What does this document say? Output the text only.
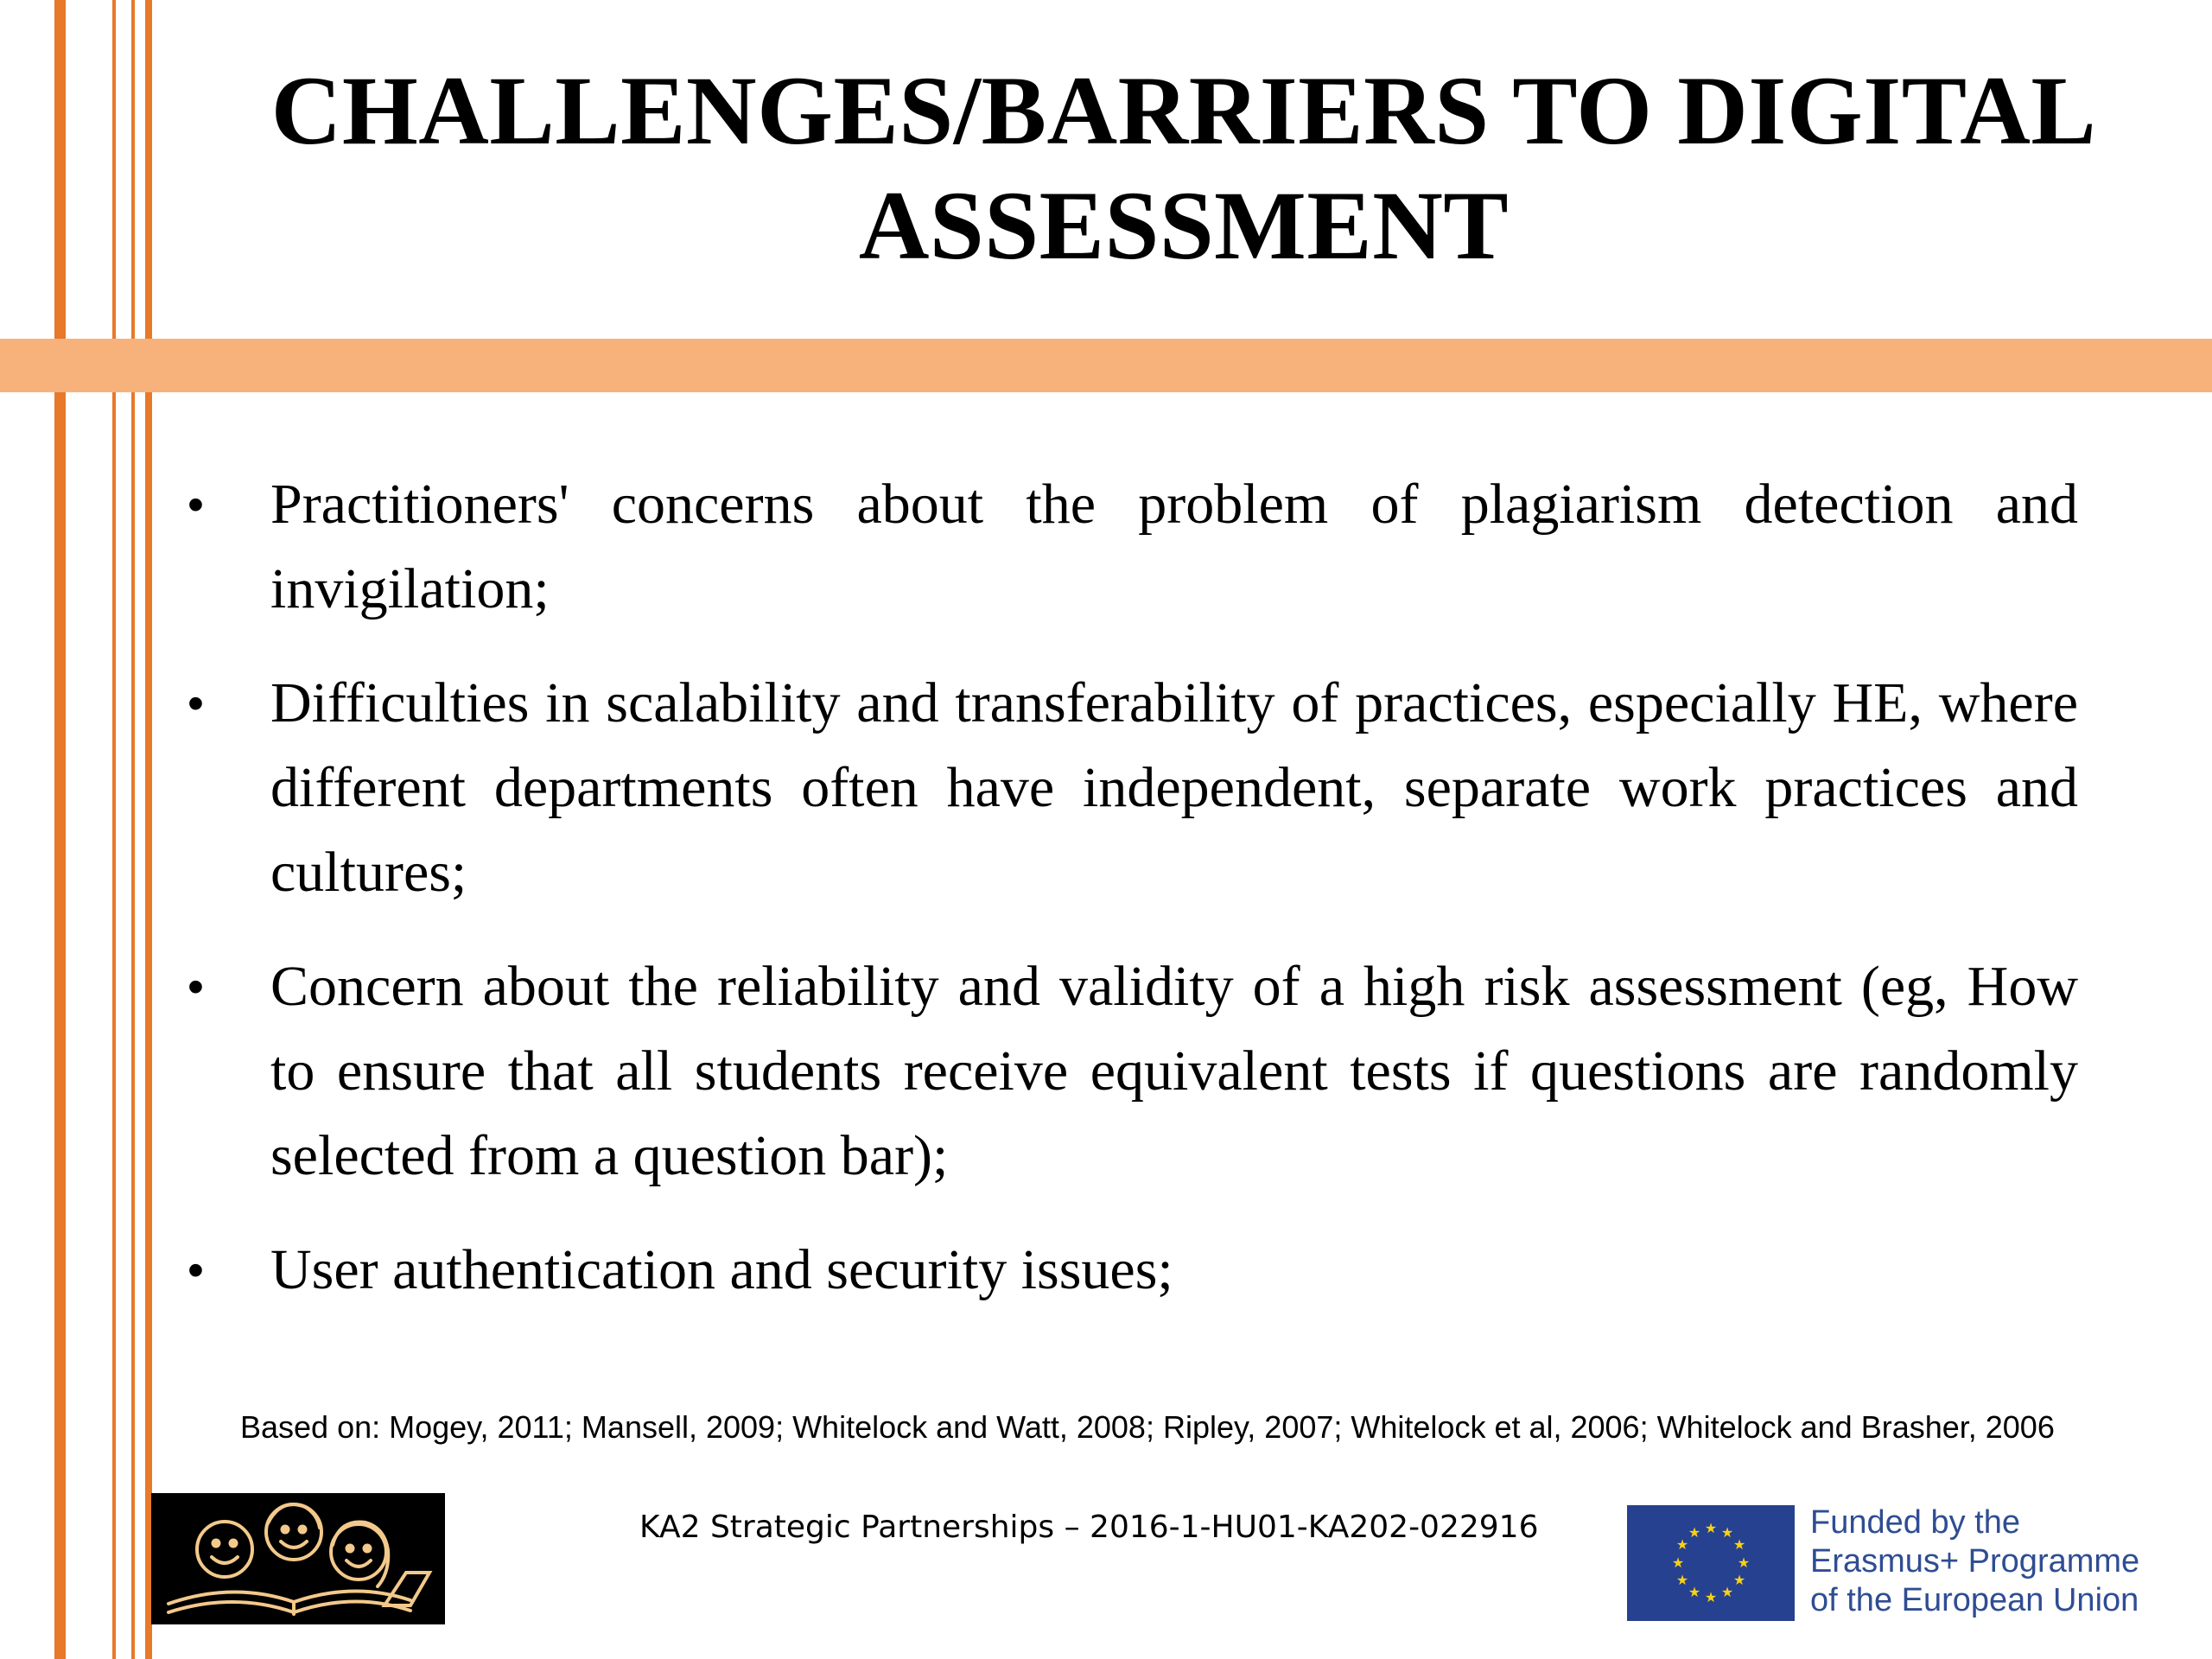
CHALLENGES/BARRIERS TO DIGITAL
ASSESSMENT
• Practitioners' concerns about the problem of plagiarism detection and invigilation;
• Difficulties in scalability and transferability of practices, especially HE, where different departments often have independent, separate work practices and cultures;
• Concern about the reliability and validity of a high risk assessment (eg, How to ensure that all students receive equivalent tests if questions are randomly selected from a question bar);
• User authentication and security issues;
Based on: Mogey, 2011; Mansell, 2009; Whitelock and Watt, 2008; Ripley, 2007; Whitelock et al, 2006; Whitelock and Brasher, 2006
KA2 Strategic Partnerships – 2016-1-HU01-KA202-022916	★ ★
★
★
★
★
★
★
★
★
★
★	Funded by the
Erasmus+ Programme
of the European Union
